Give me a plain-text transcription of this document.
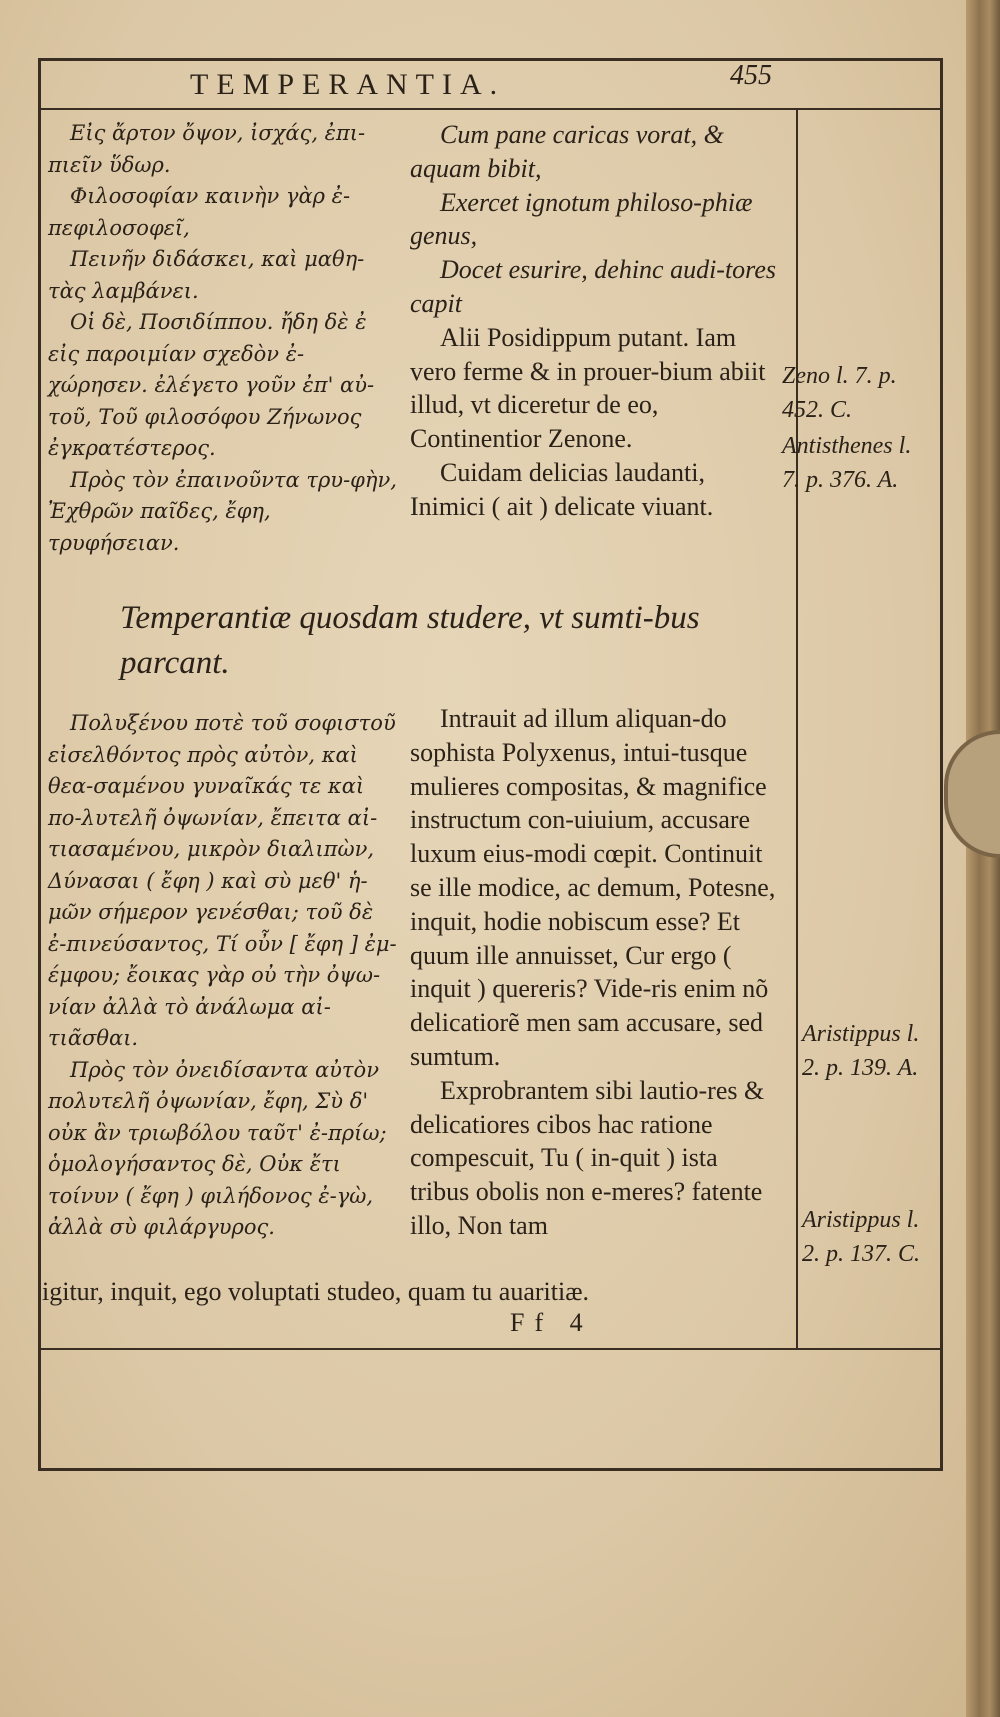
TEMPERANTIA.	455

Εἰς ἄρτον ὄψον, ἰσχάς, ἐπι-πιεῖν ὕδωρ.

Φιλοσοφίαν καινὴν γὰρ ἐ-πεφιλοσοφεῖ,

Πεινῆν διδάσκει, καὶ μαθη-τὰς λαμβάνει.

Οἱ δὲ, Ποσιδίππου. ἤδη δὲ ἐ εἰς παροιμίαν σχεδὸν ἐ-χώρησεν. ἐλέγετο γοῦν ἐπ' αὐ-τοῦ, Τοῦ φιλοσόφου Ζήνωνος ἐγκρατέστερος.

Πρὸς τὸν ἐπαινοῦντα τρυ-φὴν, Ἐχθρῶν παῖδες, ἔφη, τρυφήσειαν.

Cum pane caricas vorat, & aquam bibit,

Exercet ignotum philoso-phiæ genus,

Docet esurire, dehinc audi-tores capit

Alii Posidippum putant. Iam vero ferme & in prouer-bium abiit illud, vt diceretur de eo, Continentior Zenone.

Cuidam delicias laudanti, Inimici ( ait ) delicate viuant.

Zeno l. 7. p. 452. C.
Antisthenes l. 7. p. 376. A.
Temperantiæ quosdam studere, vt sumti-bus parcant.

Πολυξένου ποτὲ τοῦ σοφιστοῦ εἰσελθόντος πρὸς αὐτὸν, καὶ θεα-σαμένου γυναῖκάς τε καὶ πο-λυτελῆ ὀψωνίαν, ἔπειτα αἰ-τιασαμένου, μικρὸν διαλιπὼν, Δύνασαι ( ἔφη ) καὶ σὺ μεθ' ἡ-μῶν σήμερον γενέσθαι; τοῦ δὲ ἐ-πινεύσαντος, Τί οὖν [ ἔφη ] ἐμ-έμφου; ἔοικας γὰρ οὐ τὴν ὀψω-νίαν ἀλλὰ τὸ ἀνάλωμα αἰ-τιᾶσθαι.

Πρὸς τὸν ὀνειδίσαντα αὐτὸν πολυτελῆ ὀψωνίαν, ἔφη, Σὺ δ' οὐκ ἂν τριωβόλου ταῦτ' ἐ-πρίω; ὁμολογήσαντος δὲ, Οὐκ ἔτι τοίνυν ( ἔφη ) φιλήδονος ἐ-γὼ, ἀλλὰ σὺ φιλάργυρος.

Intrauit ad illum aliquan-do sophista Polyxenus, intui-tusque mulieres compositas, & magnifice instructum con-uiuium, accusare luxum eius-modi cœpit. Continuit se ille modice, ac demum, Potesne, inquit, hodie nobiscum esse? Et quum ille annuisset, Cur ergo ( inquit ) quereris? Vide-ris enim nõ delicatiorẽ men sam accusare, sed sumtum.

Exprobrantem sibi lautio-res & delicatiores cibos hac ratione compescuit, Tu ( in-quit ) ista tribus obolis non e-meres? fatente illo, Non tam

Aristippus l. 2. p. 139. A.
Aristippus l. 2. p. 137. C.
igitur, inquit, ego voluptati studeo, quam tu auaritiæ.
Ff 4
